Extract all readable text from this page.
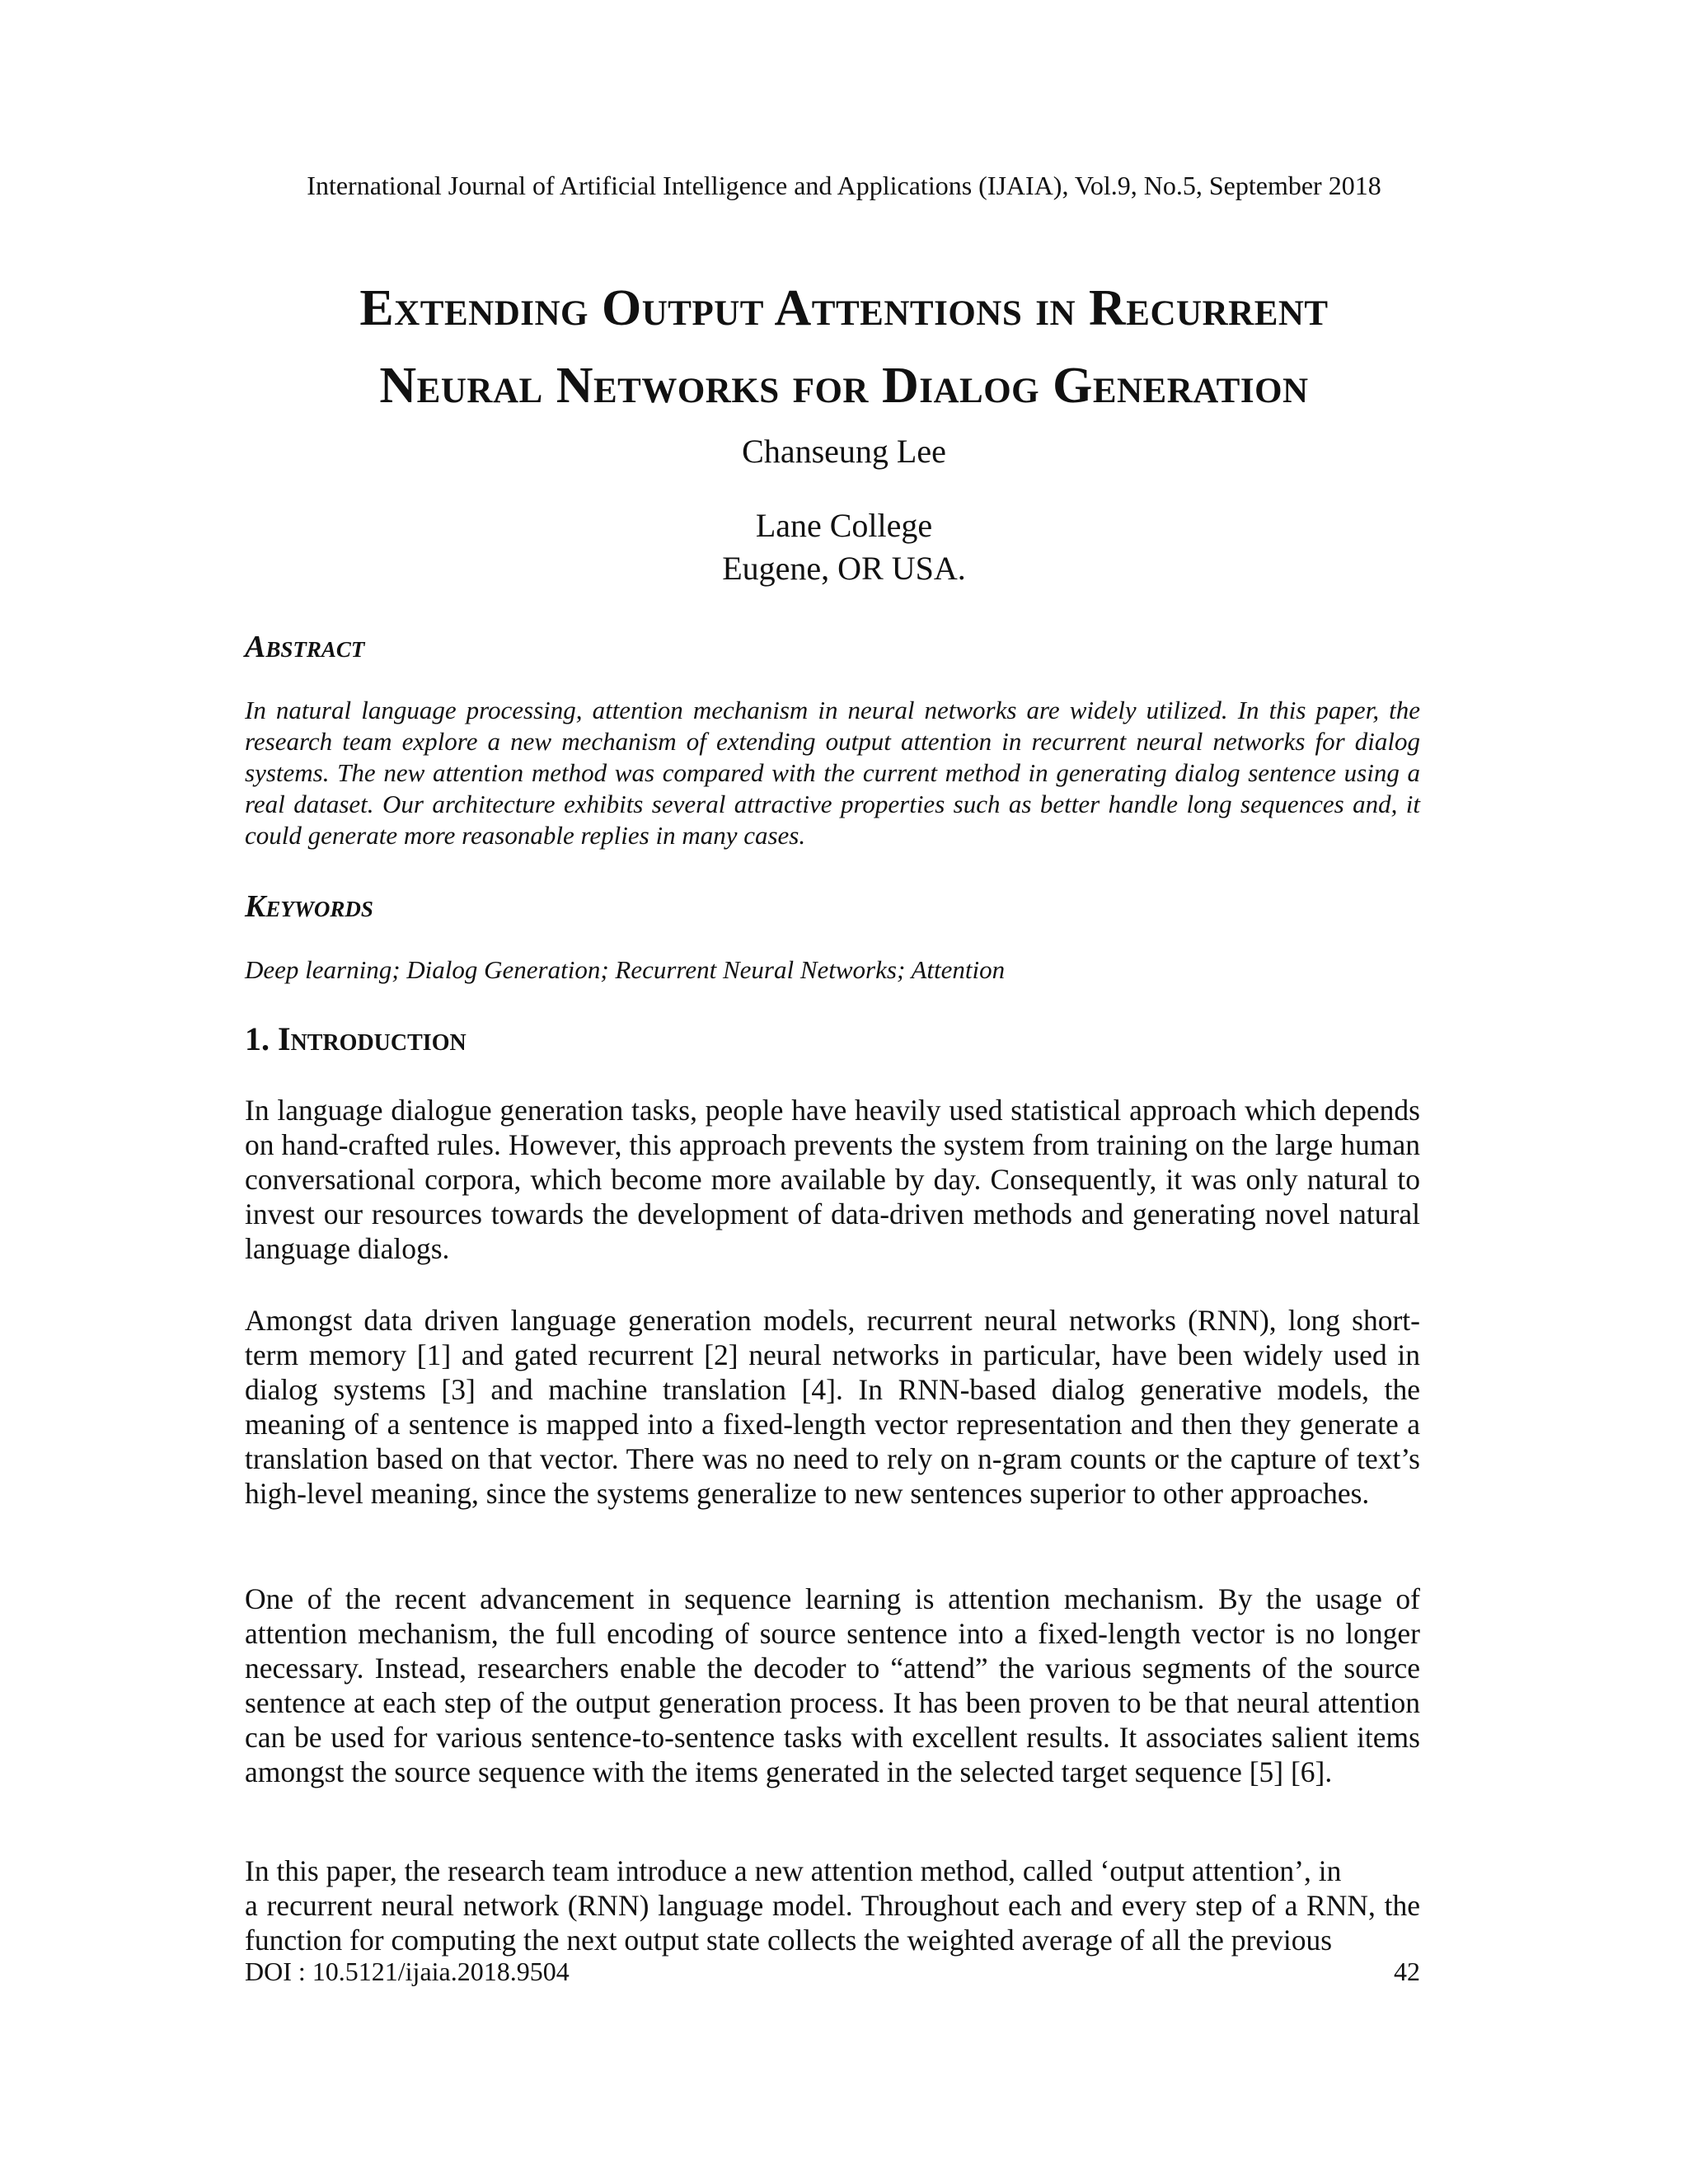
International Journal of Artificial Intelligence and Applications (IJAIA), Vol.9, No.5, September 2018
Extending Output Attentions in Recurrent
Neural Networks for Dialog Generation
Chanseung Lee
Lane College
Eugene, OR USA.
Abstract
In natural language processing, attention mechanism in neural networks are widely utilized. In this paper, the research team explore a new mechanism of extending output attention in recurrent neural networks for dialog systems. The new attention method was compared with the current method in generating dialog sentence using a real dataset. Our architecture exhibits several attractive properties such as better handle long sequences and, it could generate more reasonable replies in many cases.
Keywords
Deep learning; Dialog Generation; Recurrent Neural Networks; Attention
1. Introduction
In language dialogue generation tasks, people have heavily used statistical approach which depends on hand-crafted rules. However, this approach prevents the system from training on the large human conversational corpora, which become more available by day. Consequently, it was only natural to invest our resources towards the development of data-driven methods and generating novel natural language dialogs.
Amongst data driven language generation models, recurrent neural networks (RNN), long short-term memory [1] and gated recurrent [2] neural networks in particular, have been widely used in dialog systems [3] and machine translation [4]. In RNN-based dialog generative models, the meaning of a sentence is mapped into a fixed-length vector representation and then they generate a translation based on that vector. There was no need to rely on n-gram counts or the capture of text’s high-level meaning, since the systems generalize to new sentences superior to other approaches.
One of the recent advancement in sequence learning is attention mechanism. By the usage of attention mechanism, the full encoding of source sentence into a fixed-length vector is no longer necessary. Instead, researchers enable the decoder to “attend” the various segments of the source sentence at each step of the output generation process. It has been proven to be that neural attention can be used for various sentence-to-sentence tasks with excellent results. It associates salient items amongst the source sequence with the items generated in the selected target sequence [5] [6].
In this paper, the research team introduce a new attention method, called ‘output attention’, in
a recurrent neural network (RNN) language model. Throughout each and every step of a RNN, the function for computing the next output state collects the weighted average of all the previous
DOI : 10.5121/ijaia.2018.9504	42
